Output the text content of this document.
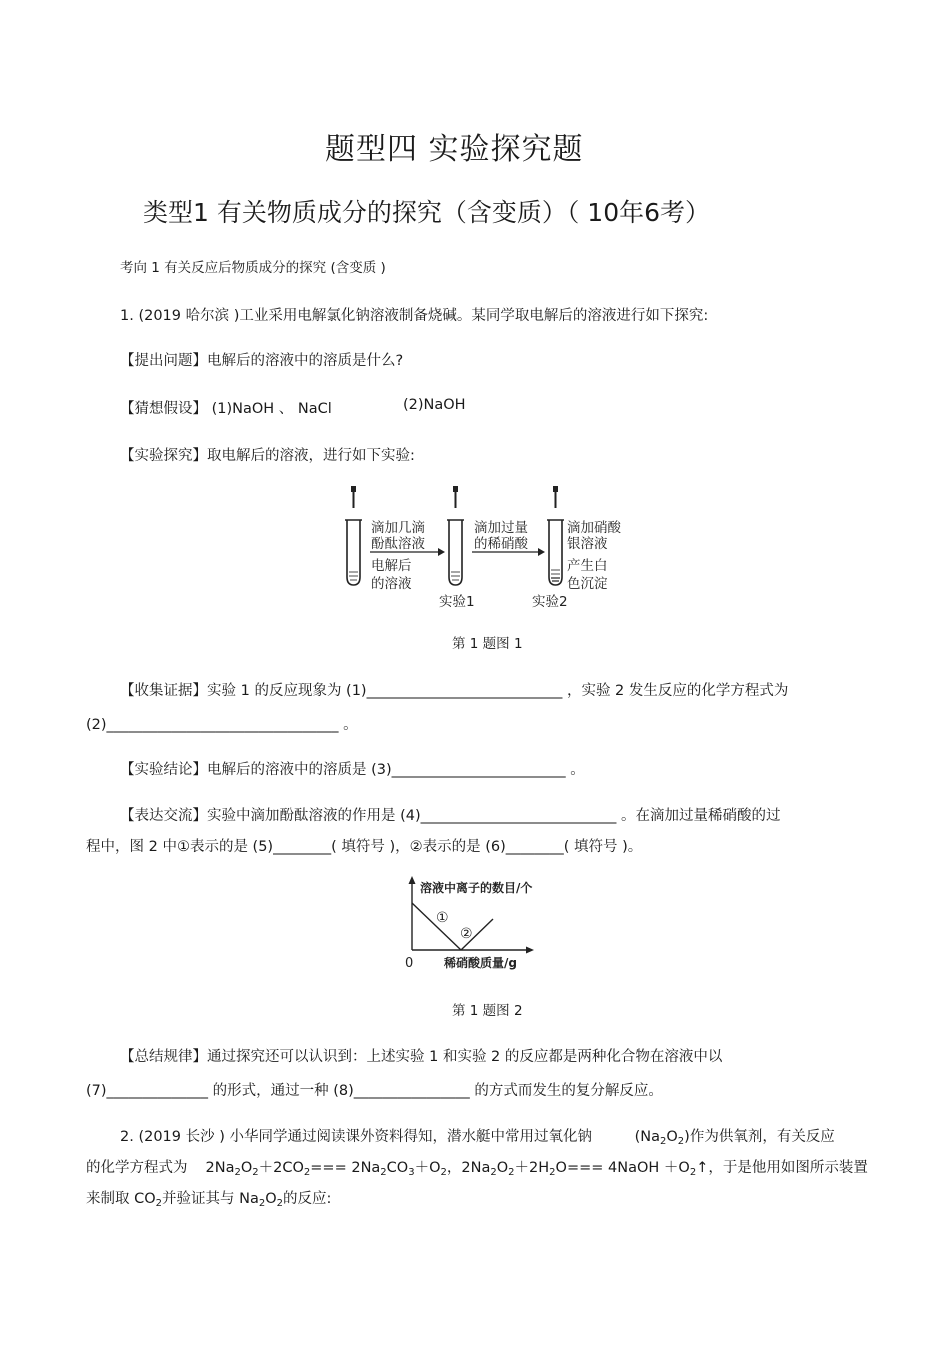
题型四 实验探究题
类型1 有关物质成分的探究（含变质）（ 10年6考）
考向 1 有关反应后物质成分的探究 (含变质 )
1. (2019 哈尔滨 )工业采用电解氯化钠溶液制备烧碱。某同学取电解后的溶液进行如下探究:
【提出问题】电解后的溶液中的溶质是什么?
【猜想假设】 (1)NaOH 、 NaCl	(2)NaOH
【实验探究】取电解后的溶液，进行如下实验:
滴加几滴
酚酞溶液
电解后
的溶液
滴加过量
的稀硝酸
滴加硝酸
银溶液
产生白
色沉淀
实验1	实验2
第 1 题图 1
【收集证据】实验 1 的反应现象为 (1)___________________________ ，实验 2 发生反应的化学方程式为
(2)________________________________ 。
【实验结论】电解后的溶液中的溶质是 (3)________________________ 。
【表达交流】实验中滴加酚酞溶液的作用是 (4)___________________________ 。在滴加过量稀硝酸的过
程中，图 2 中①表示的是 (5)________( 填符号 )，②表示的是 (6)________( 填符号 )。
溶液中离子的数目/个
①
②
0	稀硝酸质量/g
第 1 题图 2
【总结规律】通过探究还可以认识到：上述实验 1 和实验 2 的反应都是两种化合物在溶液中以
(7)______________ 的形式，通过一种 (8)________________ 的方式而发生的复分解反应。
2. (2019 长沙 ) 小华同学通过阅读课外资料得知，潜水艇中常用过氧化钠	$(Na_2O_2)$作为供氧剂，有关反应
的化学方程式为 $2Na_2O_2+2CO_2=== 2Na_2CO_3+O_2$，$2Na_2O_2+2H_2O===$ 4NaOH $+O_2↑$，于是他用如图所示装置
来制取 $CO_2$并验证其与 $Na_2O_2$的反应:
